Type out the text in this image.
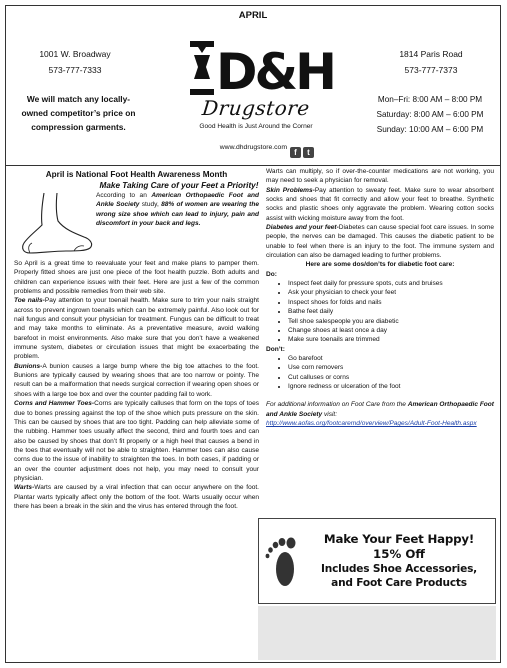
APRIL
1001 W. Broadway
573-777-7333
We will match any locally-owned competitor’s price on compression garments.
D&H
Drugstore
Good Health is Just Around the Corner
www.dhdrugstore.com
f t
1814 Paris Road
573-777-7373
Mon–Fri: 8:00 AM – 8:00 PM
Saturday: 8:00 AM – 6:00 PM
Sunday: 10:00 AM – 6:00 PM
April is National Foot Health Awareness Month
Make Taking Care of your Feet a Priority!

According to an American Orthopaedic Foot and Ankle Society study, 88% of women are wearing the wrong size shoe which can lead to injury, pain and discomfort in your back and legs.

So April is a great time to reevaluate your feet and make plans to pamper them. Properly fitted shoes are just one piece of the foot health puzzle. Both adults and children can experience issues with their feet. Here are just a few of the common problems and possible remedies from their web site.

Toe nails-Pay attention to your toenail health. Make sure to trim your nails straight across to prevent ingrown toenails which can be extremely painful. Also look out for nail fungus and consult your physician for treatment. Fungus can be difficult to treat and may take months to eliminate. As a preventative measure, avoid walking barefoot in moist environments. Also make sure that you don’t have a weakened immune system, diabetes or circulation issues that might be exacerbating the problem.

Bunions-A bunion causes a large bump where the big toe attaches to the foot. Bunions are typically caused by wearing shoes that are too narrow or pointy. The result can be a malformation that needs surgical correction if wearing open shoes or shoes with a large toe box and over the counter padding fail to work.

Corns and Hammer Toes-Corns are typically calluses that form on the tops of toes due to bones pressing against the top of the shoe which puts pressure on the skin. This can be caused by shoes that are too tight. Padding can help alleviate some of the rubbing. Hammer toes usually affect the second, third and fourth toes and can also be caused by shoes that don’t fit properly or a high heel that causes a bend in the toes that eventually will not be able to straighten. Hammer toes can also cause corns due to the issue of inability to straighten the toes. In both cases, if padding or an over the counter adjustment does not help, you may need to consult your physician.

Warts-Warts are caused by a viral infection that can occur anywhere on the foot. Plantar warts typically affect only the bottom of the foot. Warts usually occur when there has been a break in the skin and the virus has entered through the foot.

Warts can multiply, so if over-the-counter medications are not working, you may need to seek a physician for removal.

Skin Problems-Pay attention to sweaty feet. Make sure to wear absorbent socks and shoes that fit correctly and allow your feet to breathe. Synthetic socks and plastic shoes only aggravate the problem. Wearing cotton socks assist with wicking moisture away from the foot.

Diabetes and your feet-Diabetes can cause special foot care issues. In some people, the nerves can be damaged. This causes the diabetic patient to be unable to feel when there is an injury to the foot. The immune system and circulation can also be damaged leading to further problems.

Here are some dos/don’ts for diabetic foot care:

Do:

• Inspect feet daily for pressure spots, cuts and bruises
• Ask your physician to check your feet
• Inspect shoes for folds and nails
• Bathe feet daily
• Tell shoe salespeople you are diabetic
• Change shoes at least once a day
• Make sure toenails are trimmed

Don’t:

• Go barefoot
• Use corn removers
• Cut calluses or corns
• Ignore redness or ulceration of the foot

For additional information on Foot Care from the American Orthopaedic Foot and Ankle Society visit:

http://www.aofas.org/footcaremd/overview/Pages/Adult-Foot-Health.aspx

Make Your Feet Happy!
15% Off
Includes Shoe Accessories,
and Foot Care Products
